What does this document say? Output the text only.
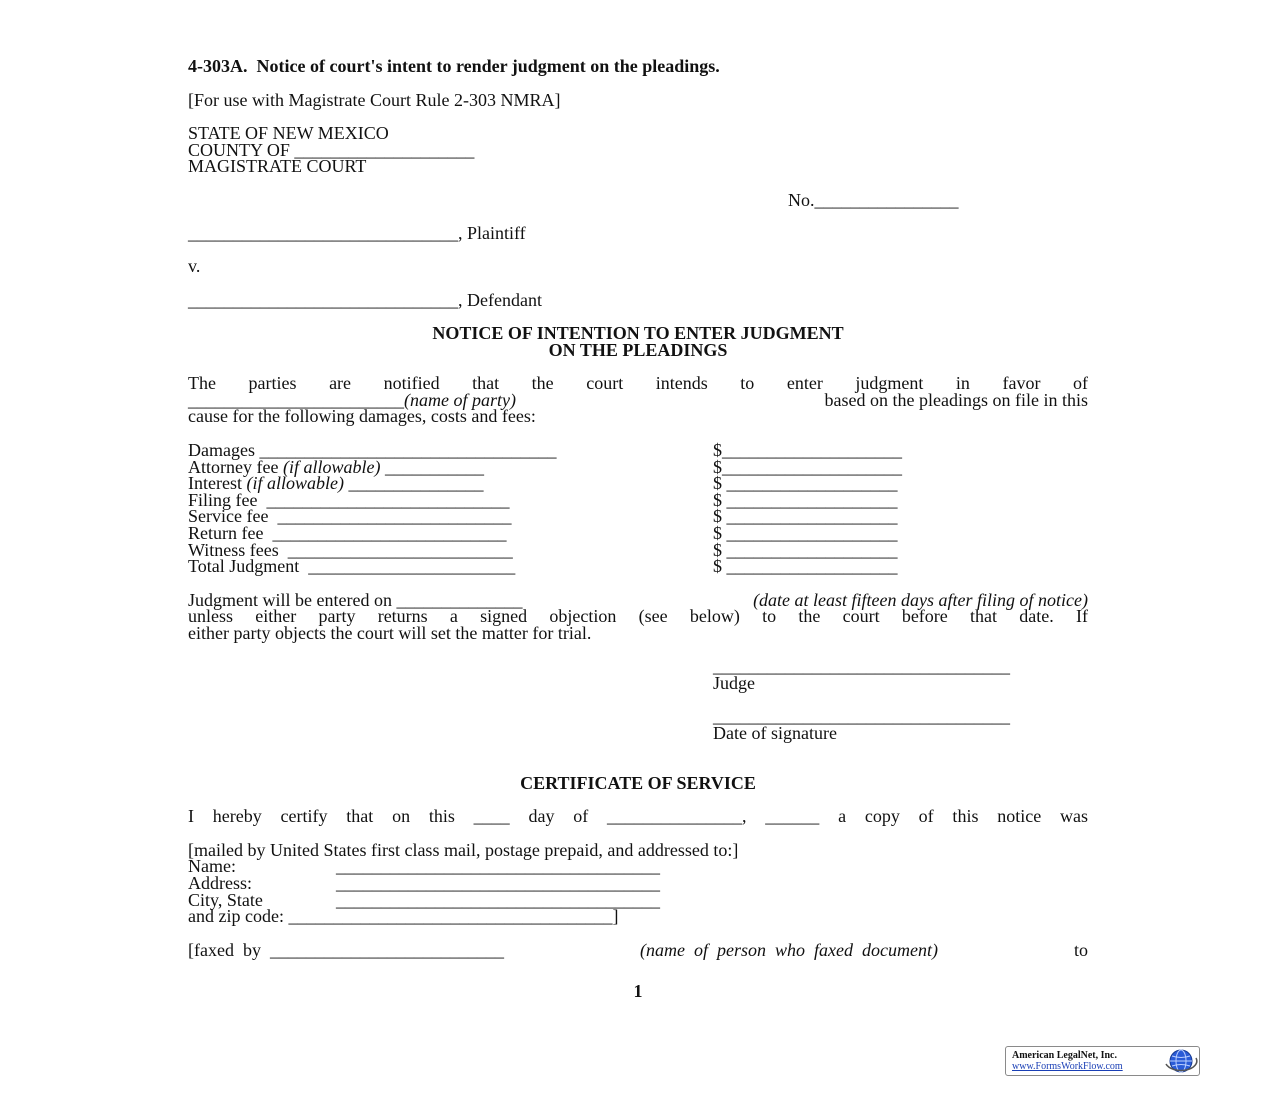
4-303A.  Notice of court's intent to render judgment on the pleadings.
[For use with Magistrate Court Rule 2-303 NMRA]
STATE OF NEW MEXICO
COUNTY OF ____________________
MAGISTRATE COURT
No.________________
______________________________, Plaintiff
v.
______________________________, Defendant
NOTICE OF INTENTION TO ENTER JUDGMENT
ON THE PLEADINGS
The parties are notified that the court intends to enter judgment in favor of
________________________(name of party)	based on the pleadings on file in this
cause for the following damages, costs and fees:
Damages _________________________________	$____________________
Attorney fee (if allowable) ___________	$____________________
Interest (if allowable) _______________	$ ___________________
Filing fee  ___________________________	$ ___________________
Service fee  __________________________	$ ___________________
Return fee  __________________________	$ ___________________
Witness fees  _________________________	$ ___________________
Total Judgment  _______________________	$ ___________________
Judgment will be entered on ______________	(date at least fifteen days after filing of notice)
unless either party returns a signed objection (see below) to the court before that date. If
either party objects the court will set the matter for trial.
_________________________________
Judge
_________________________________
Date of signature
CERTIFICATE OF SERVICE
I hereby certify that on this ____ day of _______________, ______ a copy of this notice was
[mailed by United States first class mail, postage prepaid, and addressed to:]
Name:	____________________________________
Address:	____________________________________
City, State	____________________________________
and zip code: ____________________________________]
[faxed  by  __________________________	(name  of  person  who  faxed  document)	to
1
American LegalNet, Inc.
www.FormsWorkFlow.com
